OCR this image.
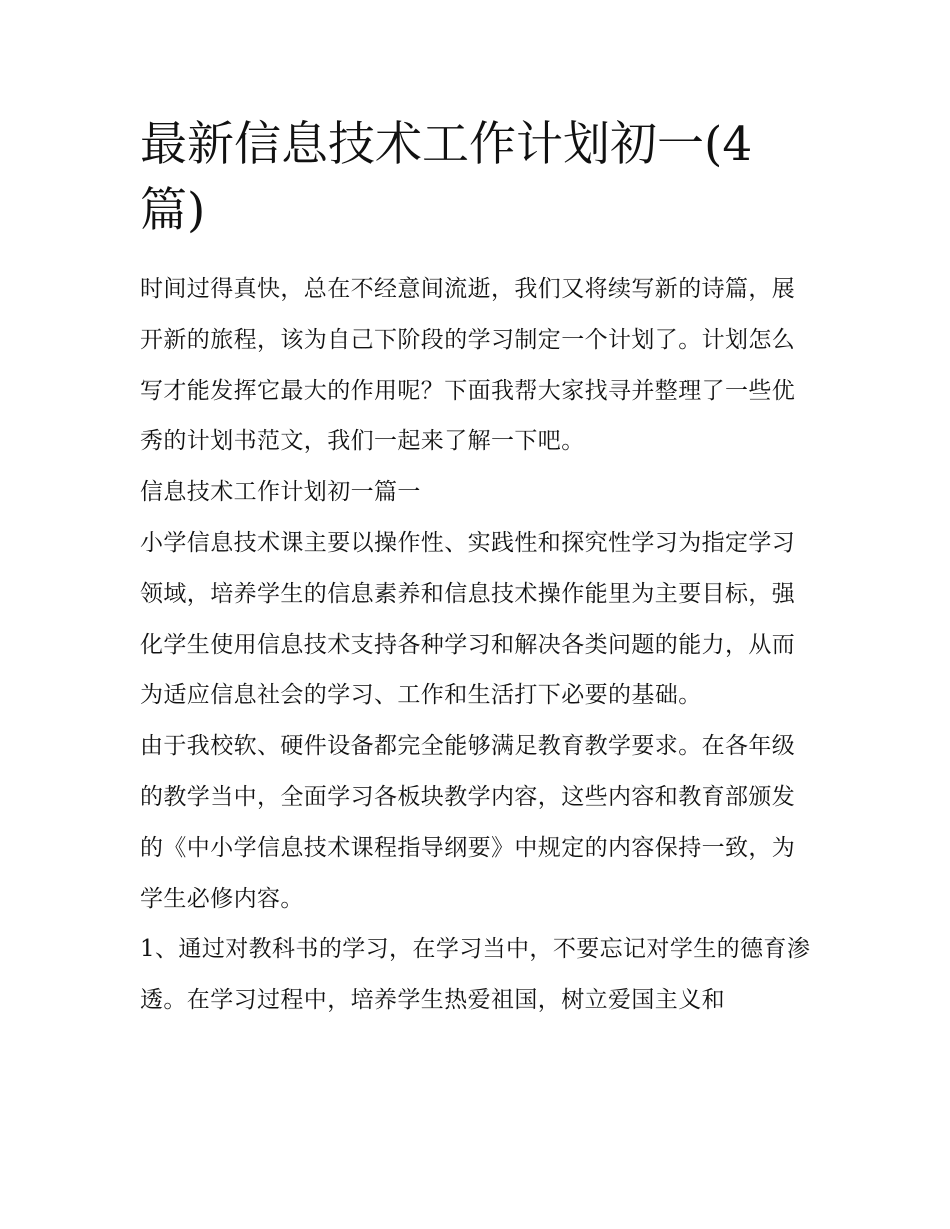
最新信息技术工作计划初一(4篇)

时间过得真快，总在不经意间流逝，我们又将续写新的诗篇，展开新的旅程，该为自己下阶段的学习制定一个计划了。计划怎么写才能发挥它最大的作用呢？下面我帮大家找寻并整理了一些优秀的计划书范文，我们一起来了解一下吧。

信息技术工作计划初一篇一

小学信息技术课主要以操作性、实践性和探究性学习为指定学习领域，培养学生的信息素养和信息技术操作能里为主要目标，强化学生使用信息技术支持各种学习和解决各类问题的能力，从而为适应信息社会的学习、工作和生活打下必要的基础。

由于我校软、硬件设备都完全能够满足教育教学要求。在各年级的教学当中，全面学习各板块教学内容，这些内容和教育部颁发的《中小学信息技术课程指导纲要》中规定的内容保持一致，为学生必修内容。

1、通过对教科书的学习，在学习当中，不要忘记对学生的德育渗透。在学习过程中，培养学生热爱祖国，树立爱国主义和
